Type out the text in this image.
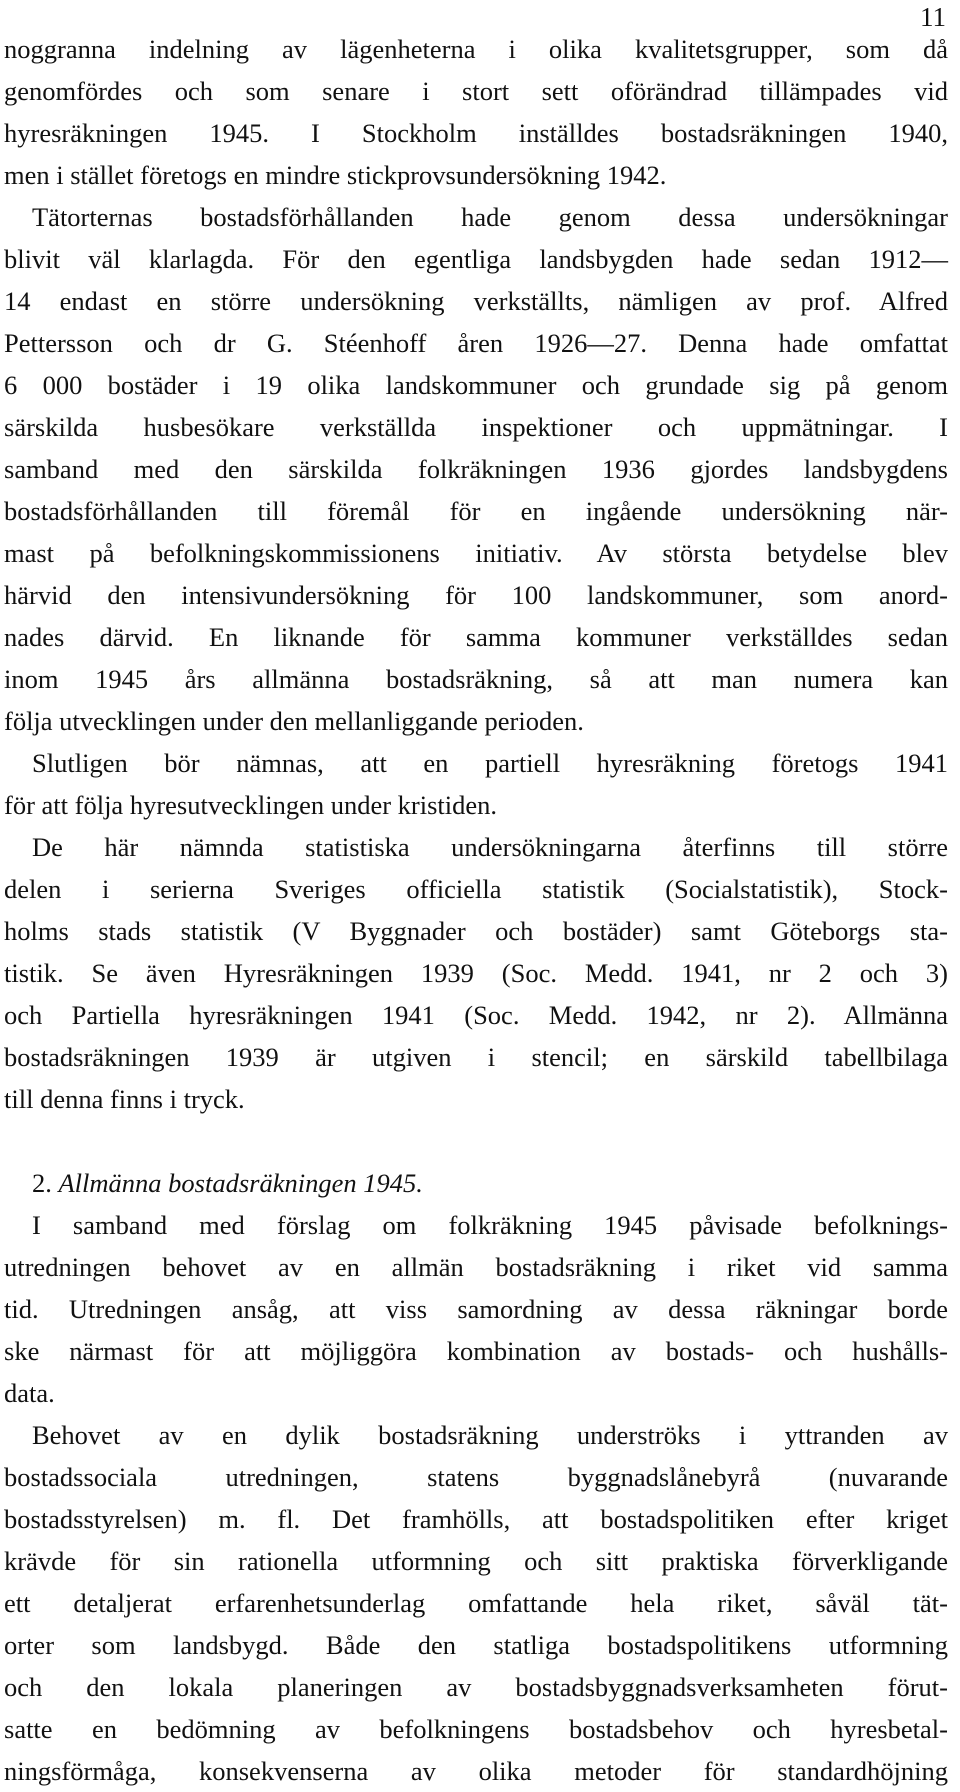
11
noggranna indelning av lägenheterna i olika kvalitetsgrupper, som då
genomfördes och som senare i stort sett oförändrad tillämpades vid
hyresräkningen 1945. I Stockholm inställdes bostadsräkningen 1940,
men i stället företogs en mindre stickprovsundersökning 1942.
Tätorternas bostadsförhållanden hade genom dessa undersökningar
blivit väl klarlagda. För den egentliga landsbygden hade sedan 1912—
14 endast en större undersökning verkställts, nämligen av prof. Alfred
Pettersson och dr G. Stéenhoff åren 1926—27. Denna hade omfattat
6 000 bostäder i 19 olika landskommuner och grundade sig på genom
särskilda husbesökare verkställda inspektioner och uppmätningar. I
samband med den särskilda folkräkningen 1936 gjordes landsbygdens
bostadsförhållanden till föremål för en ingående undersökning när-
mast på befolkningskommissionens initiativ. Av största betydelse blev
härvid den intensivundersökning för 100 landskommuner, som anord-
nades därvid. En liknande för samma kommuner verkställdes sedan
inom 1945 års allmänna bostadsräkning, så att man numera kan
följa utvecklingen under den mellanliggande perioden.
Slutligen bör nämnas, att en partiell hyresräkning företogs 1941
för att följa hyresutvecklingen under kristiden.
De här nämnda statistiska undersökningarna återfinns till större
delen i serierna Sveriges officiella statistik (Socialstatistik), Stock-
holms stads statistik (V Byggnader och bostäder) samt Göteborgs sta-
tistik. Se även Hyresräkningen 1939 (Soc. Medd. 1941, nr 2 och 3)
och Partiella hyresräkningen 1941 (Soc. Medd. 1942, nr 2). Allmänna
bostadsräkningen 1939 är utgiven i stencil; en särskild tabellbilaga
till denna finns i tryck.
2. Allmänna bostadsräkningen 1945.
I samband med förslag om folkräkning 1945 påvisade befolknings-
utredningen behovet av en allmän bostadsräkning i riket vid samma
tid. Utredningen ansåg, att viss samordning av dessa räkningar borde
ske närmast för att möjliggöra kombination av bostads- och hushålls-
data.
Behovet av en dylik bostadsräkning underströks i yttranden av
bostadssociala utredningen, statens byggnadslånebyrå (nuvarande
bostadsstyrelsen) m. fl. Det framhölls, att bostadspolitiken efter kriget
krävde för sin rationella utformning och sitt praktiska förverkligande
ett detaljerat erfarenhetsunderlag omfattande hela riket, såväl tät-
orter som landsbygd. Både den statliga bostadspolitikens utformning
och den lokala planeringen av bostadsbyggnadsverksamheten förut-
satte en bedömning av befolkningens bostadsbehov och hyresbetal-
ningsförmåga, konsekvenserna av olika metoder för standardhöjning
